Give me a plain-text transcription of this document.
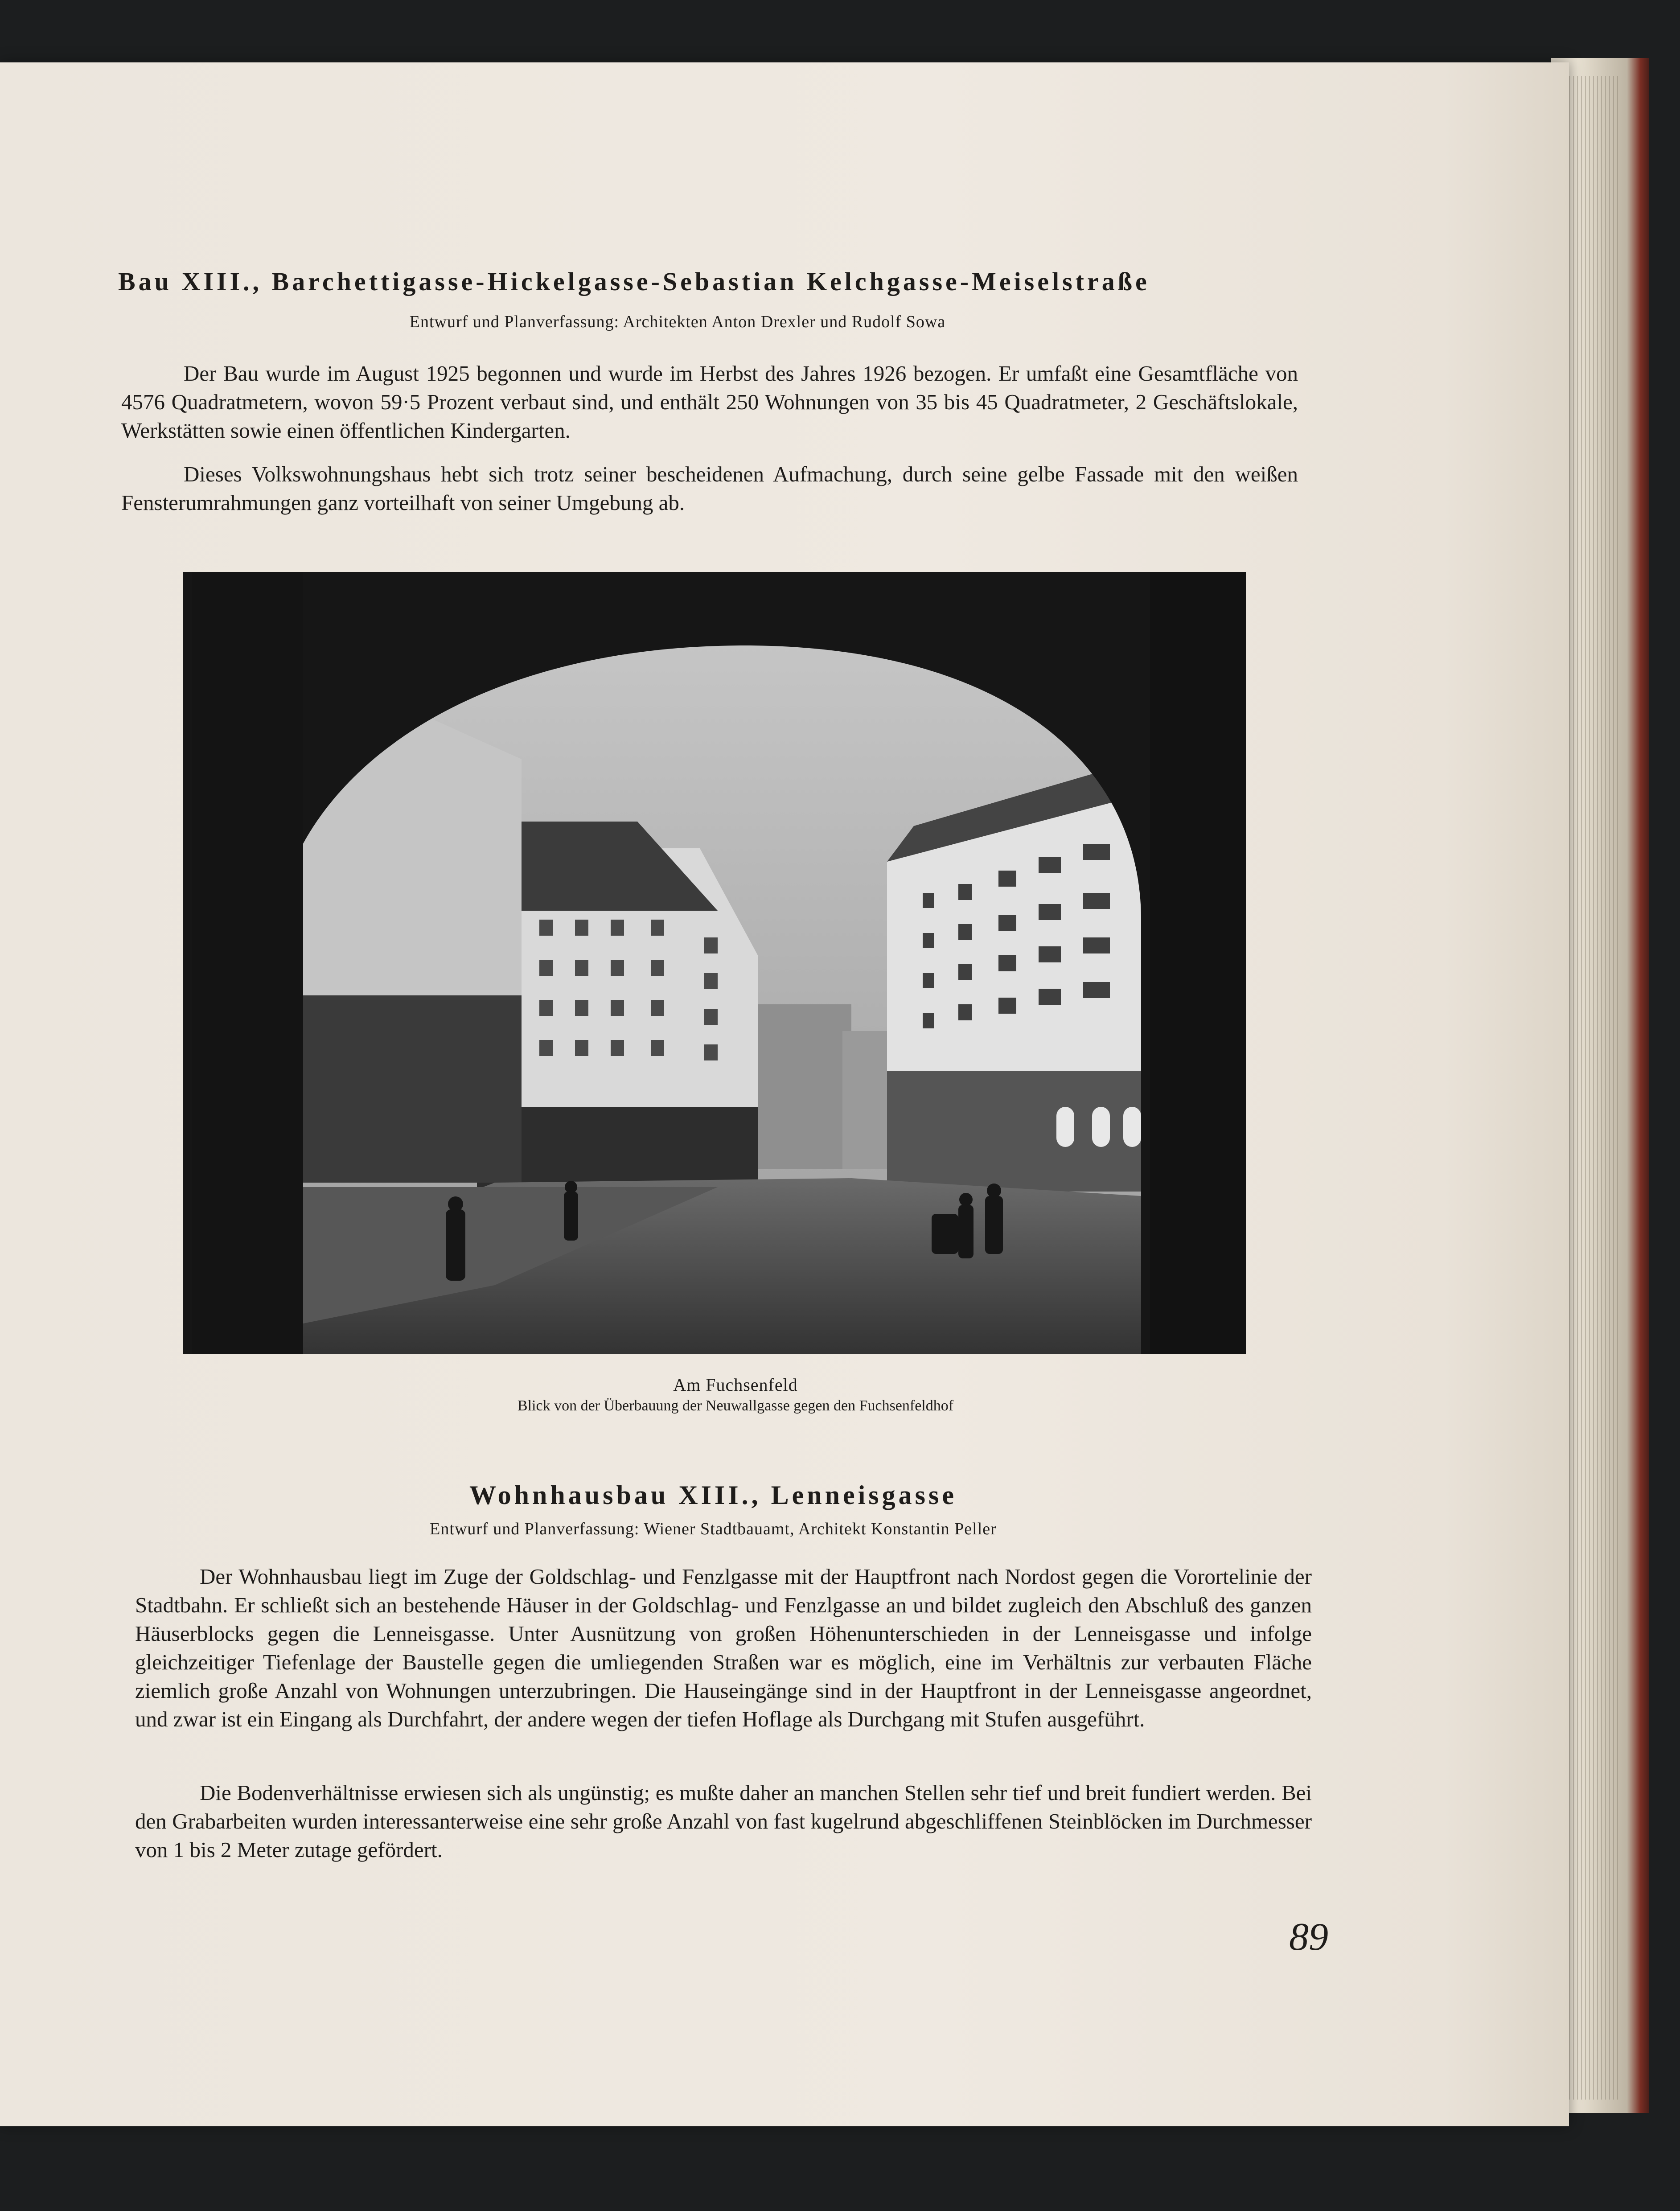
Bau XIII., Barchettigasse-Hickelgasse-Sebastian Kelchgasse-Meiselstraße

Entwurf und Planverfassung: Architekten Anton Drexler und Rudolf Sowa

Der Bau wurde im August 1925 begonnen und wurde im Herbst des Jahres 1926 bezogen. Er umfaßt eine Gesamtfläche von 4576 Quadratmetern, wovon 59·5 Prozent verbaut sind, und enthält 250 Wohnungen von 35 bis 45 Quadratmeter, 2 Geschäftslokale, Werkstätten sowie einen öffentlichen Kindergarten.

Dieses Volkswohnungshaus hebt sich trotz seiner bescheidenen Aufmachung, durch seine gelbe Fassade mit den weißen Fensterumrahmungen ganz vorteilhaft von seiner Umgebung ab.

Am Fuchsenfeld

Blick von der Überbauung der Neuwallgasse gegen den Fuchsenfeldhof

Wohnhausbau XIII., Lenneisgasse

Entwurf und Planverfassung: Wiener Stadtbauamt, Architekt Konstantin Peller

Der Wohnhausbau liegt im Zuge der Goldschlag- und Fenzlgasse mit der Hauptfront nach Nordost gegen die Vorortelinie der Stadtbahn. Er schließt sich an bestehende Häuser in der Goldschlag- und Fenzlgasse an und bildet zugleich den Abschluß des ganzen Häuserblocks gegen die Lenneisgasse. Unter Ausnützung von großen Höhenunterschieden in der Lenneisgasse und infolge gleichzeitiger Tiefenlage der Baustelle gegen die umliegenden Straßen war es möglich, eine im Verhältnis zur verbauten Fläche ziemlich große Anzahl von Wohnungen unterzubringen. Die Hauseingänge sind in der Hauptfront in der Lenneisgasse angeordnet, und zwar ist ein Eingang als Durchfahrt, der andere wegen der tiefen Hoflage als Durchgang mit Stufen ausgeführt.

Die Bodenverhältnisse erwiesen sich als ungünstig; es mußte daher an manchen Stellen sehr tief und breit fundiert werden. Bei den Grabarbeiten wurden interessanterweise eine sehr große Anzahl von fast kugelrund abgeschliffenen Steinblöcken im Durchmesser von 1 bis 2 Meter zutage gefördert.

89
